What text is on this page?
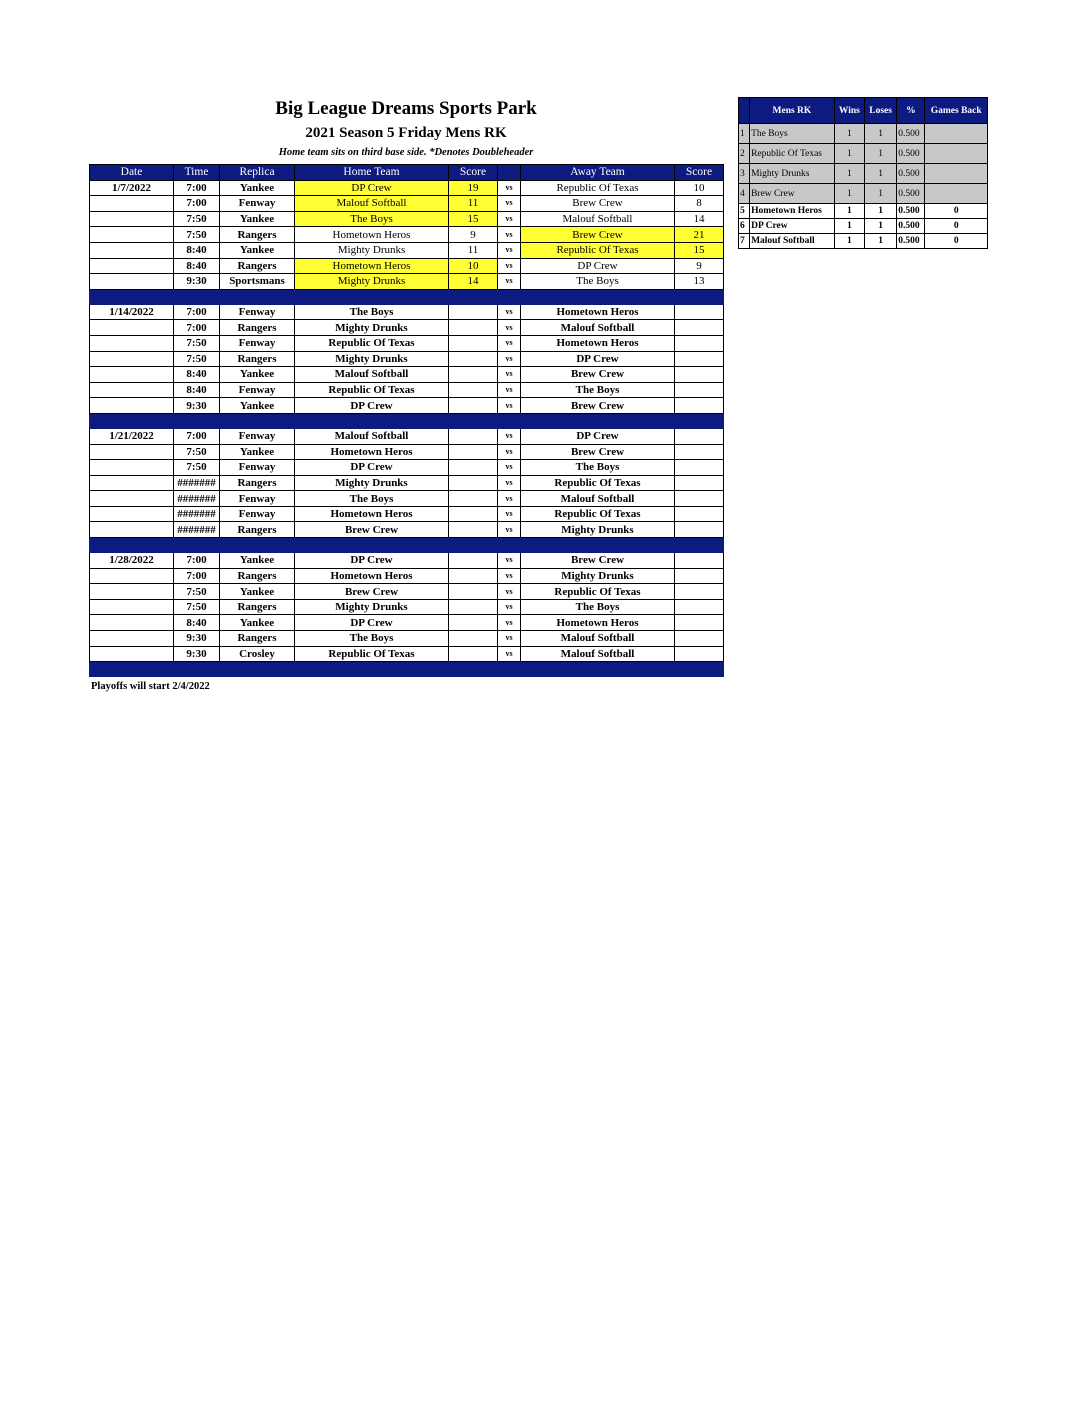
Big League Dreams Sports Park
2021 Season 5 Friday Mens RK
Home team sits on third base side. *Denotes Doubleheader
Date	Time	Replica	Home Team	Score		Away Team	Score
1/7/2022	7:00	Yankee	DP Crew	19	vs	Republic Of Texas	10
	7:00	Fenway	Malouf Softball	11	vs	Brew Crew	8
	7:50	Yankee	The Boys	15	vs	Malouf Softball	14
	7:50	Rangers	Hometown Heros	9	vs	Brew Crew	21
	8:40	Yankee	Mighty Drunks	11	vs	Republic Of Texas	15
	8:40	Rangers	Hometown Heros	10	vs	DP Crew	9
	9:30	Sportsmans	Mighty Drunks	14	vs	The Boys	13

1/14/2022	7:00	Fenway	The Boys		vs	Hometown Heros	
	7:00	Rangers	Mighty Drunks		vs	Malouf Softball	
	7:50	Fenway	Republic Of Texas		vs	Hometown Heros	
	7:50	Rangers	Mighty Drunks		vs	DP Crew	
	8:40	Yankee	Malouf Softball		vs	Brew Crew	
	8:40	Fenway	Republic Of Texas		vs	The Boys	
	9:30	Yankee	DP Crew		vs	Brew Crew	

1/21/2022	7:00	Fenway	Malouf Softball		vs	DP Crew	
	7:50	Yankee	Hometown Heros		vs	Brew Crew	
	7:50	Fenway	DP Crew		vs	The Boys	
	#######	Rangers	Mighty Drunks		vs	Republic Of Texas	
	#######	Fenway	The Boys		vs	Malouf Softball	
	#######	Fenway	Hometown Heros		vs	Republic Of Texas	
	#######	Rangers	Brew Crew		vs	Mighty Drunks	

1/28/2022	7:00	Yankee	DP Crew		vs	Brew Crew	
	7:00	Rangers	Hometown Heros		vs	Mighty Drunks	
	7:50	Yankee	Brew Crew		vs	Republic Of Texas	
	7:50	Rangers	Mighty Drunks		vs	The Boys	
	8:40	Yankee	DP Crew		vs	Hometown Heros	
	9:30	Rangers	The Boys		vs	Malouf Softball	
	9:30	Crosley	Republic Of Texas		vs	Malouf Softball	

Playoffs will start 2/4/2022
	Mens RK	Wins	Loses	%	Games Back
1	The Boys	1	1	0.500	
2	Republic Of Texas	1	1	0.500	
3	Mighty Drunks	1	1	0.500	
4	Brew Crew	1	1	0.500	
5	Hometown Heros	1	1	0.500	0
6	DP Crew	1	1	0.500	0
7	Malouf Softball	1	1	0.500	0
